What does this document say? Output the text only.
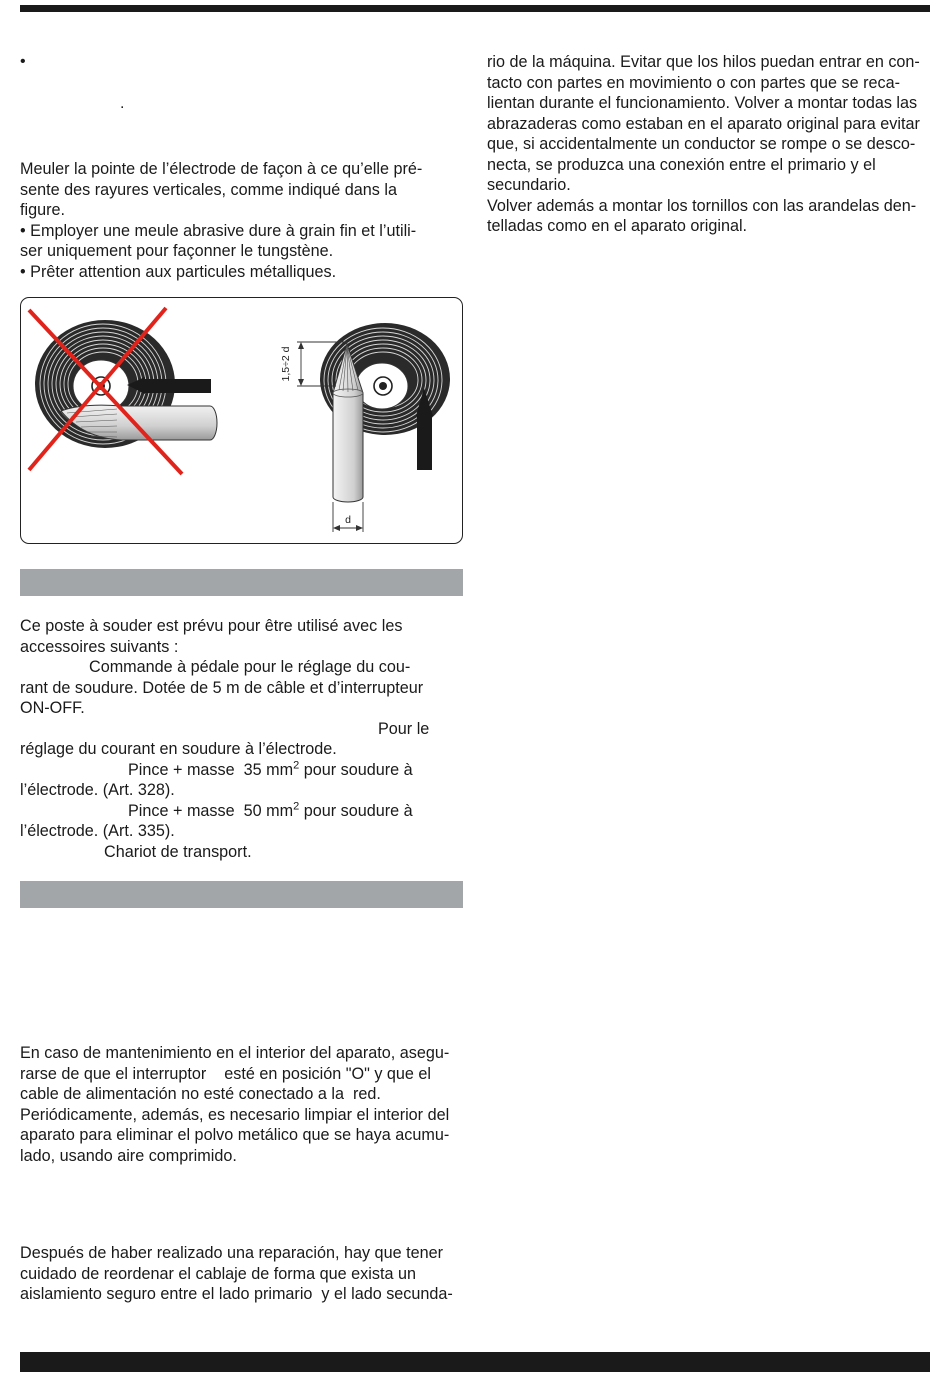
•
.
Meuler la pointe de l’électrode de façon à ce qu’elle pré-
sente des rayures verticales, comme indiqué dans la
figure.
• Employer une meule abrasive dure à grain fin et l’utili-
ser uniquement pour façonner le tungstène.
• Prêter attention aux particules métalliques.
1,5÷2 d
d
Ce poste à souder est prévu pour être utilisé avec les
accessoires suivants :
Commande à pédale pour le réglage du cou-
rant de soudure. Dotée de 5 m de câble et d’interrupteur
ON-OFF.
Pour le
réglage du courant en soudure à l’électrode.
Pince + masse  35 $mm^2$ pour soudure à
l’électrode. (Art. 328).
Pince + masse  50 $mm^2$ pour soudure à
l’électrode. (Art. 335).
Chariot de transport.
En caso de mantenimiento en el interior del aparato, asegu-
rarse de que el interruptor    esté en posición "O" y que el
cable de alimentación no esté conectado a la  red.
Periódicamente, además, es necesario limpiar el interior del
aparato para eliminar el polvo metálico que se haya acumu-
lado, usando aire comprimido.
Después de haber realizado una reparación, hay que tener
cuidado de reordenar el cablaje de forma que exista un
aislamiento seguro entre el lado primario  y el lado secunda-
rio de la máquina. Evitar que los hilos puedan entrar en con-
tacto con partes en movimiento o con partes que se reca-
lientan durante el funcionamiento. Volver a montar todas las
abrazaderas como estaban en el aparato original para evitar
que, si accidentalmente un conductor se rompe o se desco-
necta, se produzca una conexión entre el primario y el
secundario.
Volver además a montar los tornillos con las arandelas den-
telladas como en el aparato original.
